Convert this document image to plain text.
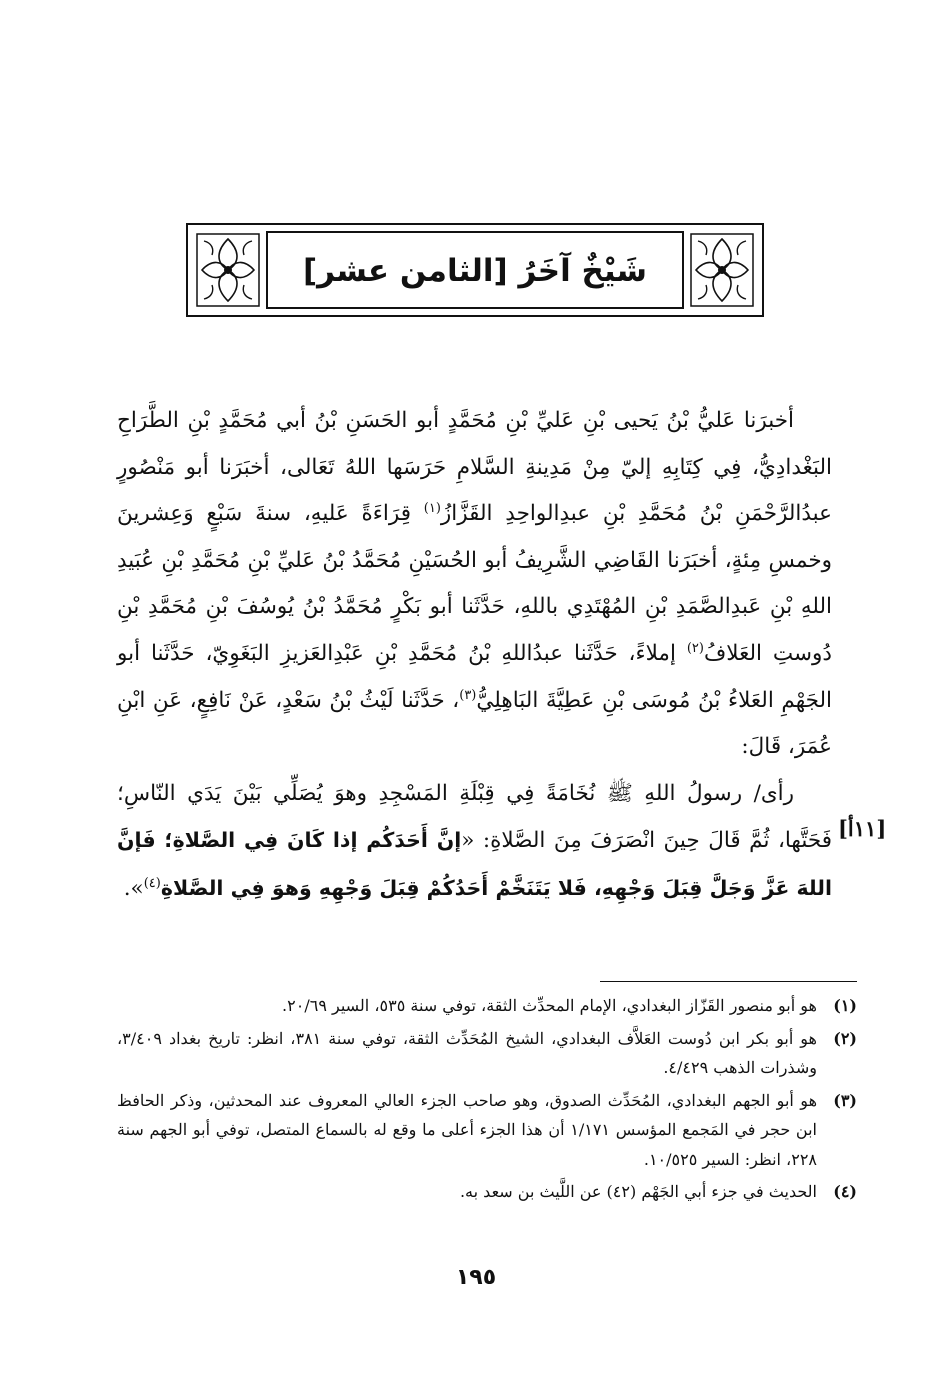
شَيْخٌ آخَرُ [الثامن عشر]

أخبرَنا عَليُّ بْنُ يَحيى بْنِ عَليِّ بْنِ مُحَمَّدٍ أبو الحَسَنِ بْنُ أبي مُحَمَّدٍ بْنِ الطَّرَاحِ البَغْدادِيُّ، فِي كِتَابِهِ إليّ مِنْ مَدِينةِ السَّلامِ حَرَسَها اللهُ تَعَالى، أخبَرَنا أبو مَنْصُورٍ عبدُالرَّحْمَنِ بْنُ مُحَمَّدِ بْنِ عبدِالواحِدِ القَزَّازُ$^{(١)}$ قِرَاءَةً عَليهِ، سنةَ سَبْعٍ وَعِشرينَ وخمسِ مِئةٍ، أخبَرَنا القَاضِي الشَّرِيفُ أبو الحُسَيْنِ مُحَمَّدُ بْنُ عَليِّ بْنِ مُحَمَّدِ بْنِ عُبَيدِ اللهِ بْنِ عَبدِالصَّمَدِ بْنِ المُهْتَدِي باللهِ، حَدَّثَنا أبو بَكْرٍ مُحَمَّدُ بْنُ يُوسُفَ بْنِ مُحَمَّدِ بْنِ دُوستِ العَلافُ$^{(٢)}$ إملاءً، حَدَّثَنا عبدُاللهِ بْنُ مُحَمَّدِ بْنِ عَبْدِالعَزيزِ البَغَوِيّ، حَدَّثَنا أبو الجَهْمِ العَلاءُ بْنُ مُوسَى بْنِ عَطِيَّةَ البَاهِلِيُّ$^{(٣)}$، حَدَّثَنا لَيْثُ بْنُ سَعْدٍ، عَنْ نَافِعٍ، عَنِ ابْنِ عُمَرَ، قَالَ:

رأى/ رسولُ اللهِ ﷺ نُخَامَةً فِي قِبْلَةِ المَسْجِدِ وهوَ يُصَلِّي بَيْنَ يَدَي النّاسِ؛ فَحَتَّها، ثُمَّ قَالَ حِينَ انْصَرَفَ مِنَ الصَّلاةِ: «إنَّ أَحَدَكُم إذا كَانَ فِي الصَّلاةِ؛ فَإنَّ اللهَ عَزَّ وَجَلَّ قِبَلَ وَجْهِهِ، فَلا يَتَنَخَّمْ أَحَدُكُمْ قِبَلَ وَجْهِهِ وَهوَ فِي الصَّلاةِ$^{(٤)}$».

[١١أ]
(١)
هو أبو منصور القَزّاز البغدادي، الإمام المحدِّث الثقة، توفي سنة ٥٣٥، السير ٢٠/٦٩.
(٢)
هو أبو بكر ابن دُوست العَلاَّف البغدادي، الشيخ المُحَدِّث الثقة، توفي سنة ٣٨١، انظر: تاريخ بغداد ٣/٤٠٩، وشذرات الذهب ٤/٤٢٩.
(٣)
هو أبو الجهم البغدادي، المُحَدِّث الصدوق، وهو صاحب الجزء العالي المعروف عند المحدثين، وذكر الحافظ ابن حجر في المَجمع المؤسس ١/١٧١ أن هذا الجزء أعلى ما وقع له بالسماع المتصل، توفي أبو الجهم سنة ٢٢٨، انظر: السير ١٠/٥٢٥.
(٤)
الحديث في جزء أبي الجَهْم (٤٢) عن اللَّيث بن سعد به.
١٩٥
